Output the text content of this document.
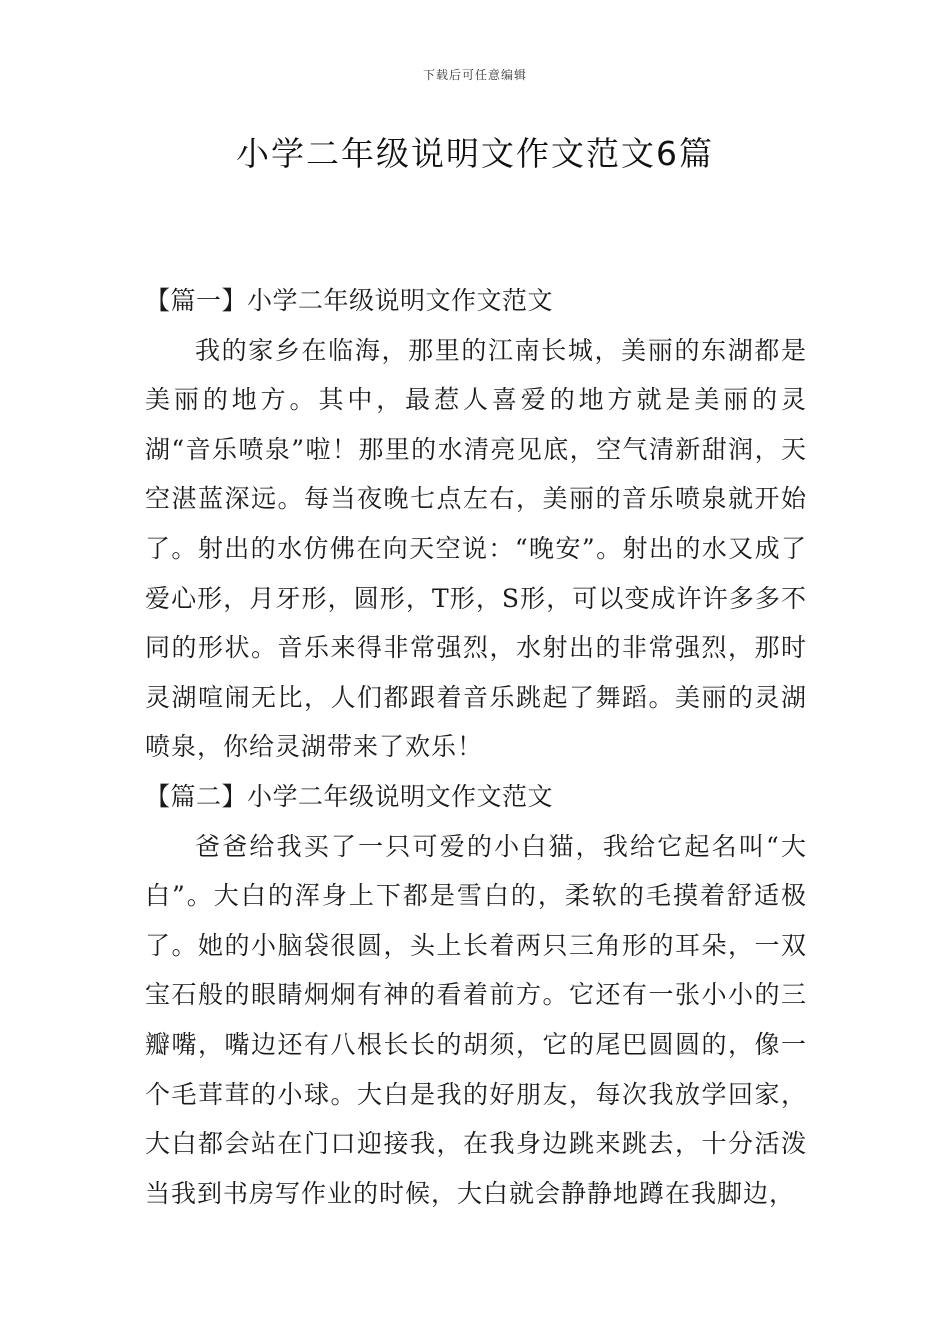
下载后可任意编辑
小学二年级说明文作文范文6篇

【篇一】小学二年级说明文作文范文

我的家乡在临海，那里的江南长城，美丽的东湖都是美丽的地方。其中，最惹人喜爱的地方就是美丽的灵湖“音乐喷泉”啦！那里的水清亮见底，空气清新甜润，天空湛蓝深远。每当夜晚七点左右，美丽的音乐喷泉就开始了。射出的水仿佛在向天空说：“晚安”。射出的水又成了爱心形，月牙形，圆形，T形，S形，可以变成许许多多不同的形状。音乐来得非常强烈，水射出的非常强烈，那时灵湖喧闹无比，人们都跟着音乐跳起了舞蹈。美丽的灵湖喷泉，你给灵湖带来了欢乐！

【篇二】小学二年级说明文作文范文

爸爸给我买了一只可爱的小白猫，我给它起名叫“大白”。大白的浑身上下都是雪白的，柔软的毛摸着舒适极了。她的小脑袋很圆，头上长着两只三角形的耳朵，一双宝石般的眼睛炯炯有神的看着前方。它还有一张小小的三瓣嘴，嘴边还有八根长长的胡须，它的尾巴圆圆的，像一个毛茸茸的小球。大白是我的好朋友，每次我放学回家，大白都会站在门口迎接我，在我身边跳来跳去，十分活泼当我到书房写作业的时候，大白就会静静地蹲在我脚边，
